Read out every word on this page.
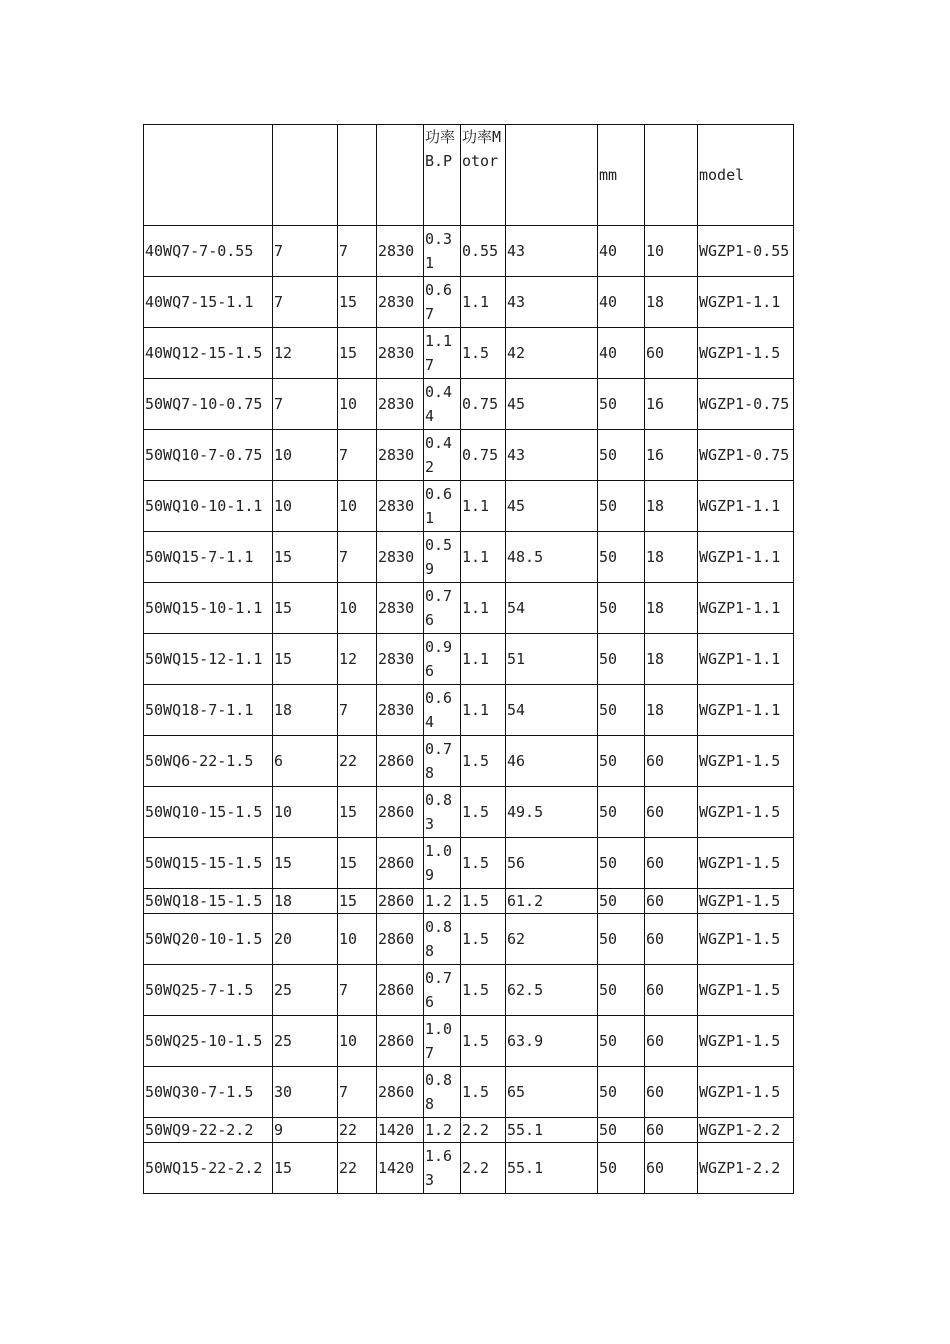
				功率B.P	功率Motor		mm		model
40WQ7-7-0.55	7	7	2830	0.31	0.55	43	40	10	WGZP1-0.55
40WQ7-15-1.1	7	15	2830	0.67	1.1	43	40	18	WGZP1-1.1
40WQ12-15-1.5	12	15	2830	1.17	1.5	42	40	60	WGZP1-1.5
50WQ7-10-0.75	7	10	2830	0.44	0.75	45	50	16	WGZP1-0.75
50WQ10-7-0.75	10	7	2830	0.42	0.75	43	50	16	WGZP1-0.75
50WQ10-10-1.1	10	10	2830	0.61	1.1	45	50	18	WGZP1-1.1
50WQ15-7-1.1	15	7	2830	0.59	1.1	48.5	50	18	WGZP1-1.1
50WQ15-10-1.1	15	10	2830	0.76	1.1	54	50	18	WGZP1-1.1
50WQ15-12-1.1	15	12	2830	0.96	1.1	51	50	18	WGZP1-1.1
50WQ18-7-1.1	18	7	2830	0.64	1.1	54	50	18	WGZP1-1.1
50WQ6-22-1.5	6	22	2860	0.78	1.5	46	50	60	WGZP1-1.5
50WQ10-15-1.5	10	15	2860	0.83	1.5	49.5	50	60	WGZP1-1.5
50WQ15-15-1.5	15	15	2860	1.09	1.5	56	50	60	WGZP1-1.5
50WQ18-15-1.5	18	15	2860	1.2	1.5	61.2	50	60	WGZP1-1.5
50WQ20-10-1.5	20	10	2860	0.88	1.5	62	50	60	WGZP1-1.5
50WQ25-7-1.5	25	7	2860	0.76	1.5	62.5	50	60	WGZP1-1.5
50WQ25-10-1.5	25	10	2860	1.07	1.5	63.9	50	60	WGZP1-1.5
50WQ30-7-1.5	30	7	2860	0.88	1.5	65	50	60	WGZP1-1.5
50WQ9-22-2.2	9	22	1420	1.2	2.2	55.1	50	60	WGZP1-2.2
50WQ15-22-2.2	15	22	1420	1.63	2.2	55.1	50	60	WGZP1-2.2
